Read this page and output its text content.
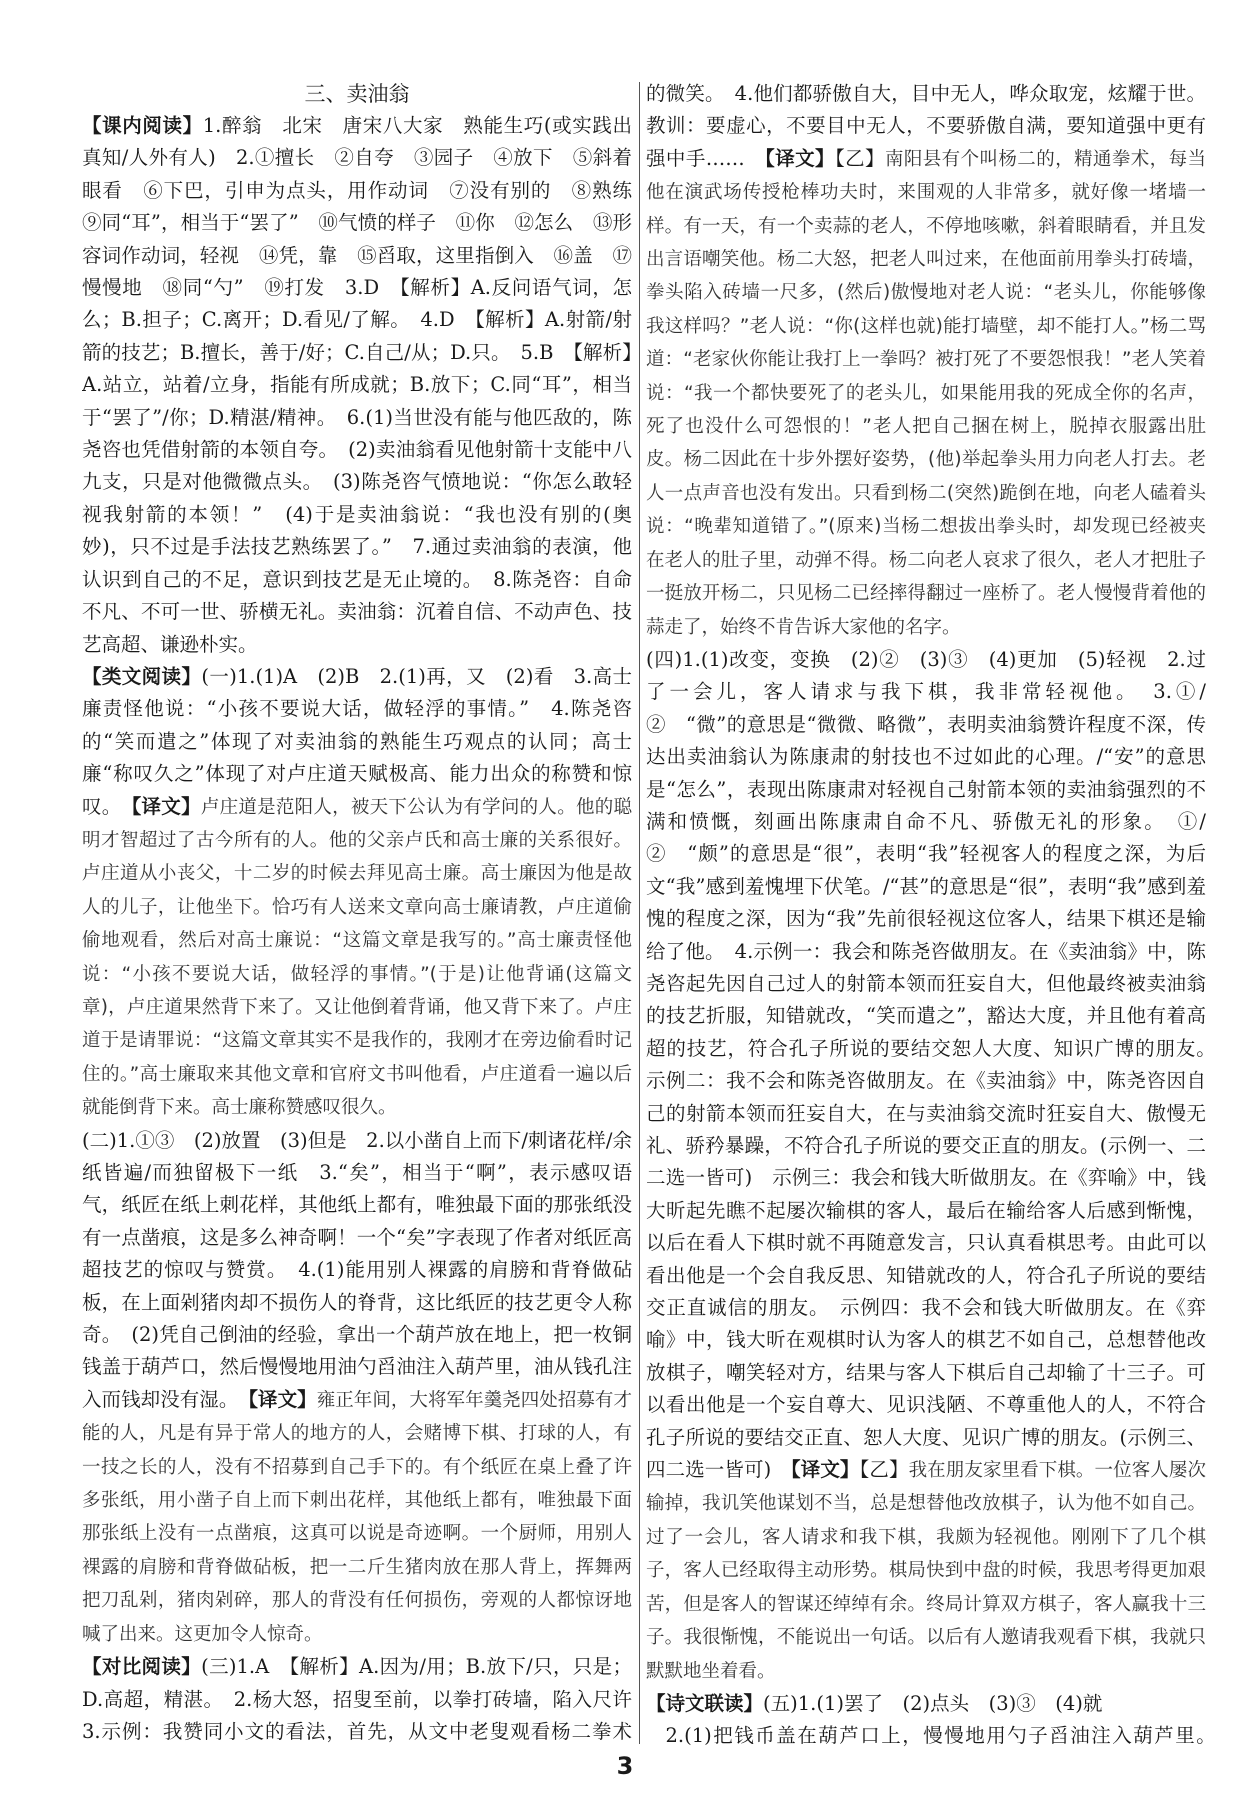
三、卖油翁

【 课内阅读 】 1.醉翁　北宋　唐宋八大家　熟能生巧(或实践出真知/人外有人)　2.①擅长　②自夸　③园子　④放下　⑤斜着眼看　⑥下巴，引申为点头，用作动词　⑦没有别的　⑧熟练　⑨同“耳”，相当于“罢了”　⑩气愤的样子　⑪你　⑫怎么　⑬形容词作动词，轻视　⑭凭，靠　⑮舀取，这里指倒入　⑯盖　⑰慢慢地　⑱同“勺”　⑲打发　3.D　【解析】A.反问语气词，怎么；B.担子；C.离开；D.看见/了解。　4.D　【解析】A.射箭/射箭的技艺；B.擅长，善于/好；C.自己/从；D.只。　5.B　【解析】A.站立，站着/立身，指能有所成就；B.放下；C.同“耳”，相当于“罢了”/你；D.精湛/精神。　6.(1)当世没有能与他匹敌的，陈尧咨也凭借射箭的本领自夸。　(2)卖油翁看见他射箭十支能中八九支，只是对他微微点头。　(3)陈尧咨气愤地说：“你怎么敢轻视我射箭的本领！”　(4)于是卖油翁说：“我也没有别的(奥妙)，只不过是手法技艺熟练罢了。”　7.通过卖油翁的表演，他认识到自己的不足，意识到技艺是无止境的。　8.陈尧咨：自命不凡、不可一世、骄横无礼。卖油翁：沉着自信、不动声色、技艺高超、谦逊朴实。

【 类文阅读 】 (一)1.(1)A　(2)B　2.(1)再，又　(2)看　3.高士廉责怪他说：“小孩不要说大话，做轻浮的事情。”　4.陈尧咨的“笑而遣之”体现了对卖油翁的熟能生巧观点的认同；高士廉“称叹久之”体现了对卢庄道天赋极高、能力出众的称赞和惊叹。　【 译文 】 卢庄道是范阳人，被天下公认为有学问的人。他的聪明才智超过了古今所有的人。他的父亲卢氏和高士廉的关系很好。卢庄道从小丧父，十二岁的时候去拜见高士廉。高士廉因为他是故人的儿子，让他坐下。恰巧有人送来文章向高士廉请教，卢庄道偷偷地观看，然后对高士廉说：“这篇文章是我写的。”高士廉责怪他说：“小孩不要说大话，做轻浮的事情。”(于是)让他背诵(这篇文章)，卢庄道果然背下来了。又让他倒着背诵，他又背下来了。卢庄道于是请罪说：“这篇文章其实不是我作的，我刚才在旁边偷看时记住的。”高士廉取来其他文章和官府文书叫他看，卢庄道看一遍以后就能倒背下来。高士廉称赞感叹很久。

(二)1.①③　(2)放置　(3)但是　2.以小凿自上而下/刺诸花样/余纸皆遍/而独留极下一纸　3.“矣”，相当于“啊”，表示感叹语气，纸匠在纸上刺花样，其他纸上都有，唯独最下面的那张纸没有一点凿痕，这是多么神奇啊！一个“矣”字表现了作者对纸匠高超技艺的惊叹与赞赏。　4.(1)能用别人裸露的肩膀和背脊做砧板，在上面剁猪肉却不损伤人的脊背，这比纸匠的技艺更令人称奇。　(2)凭自己倒油的经验，拿出一个葫芦放在地上，把一枚铜钱盖于葫芦口，然后慢慢地用油勺舀油注入葫芦里，油从钱孔注入而钱却没有湿。　【 译文 】 雍正年间，大将军年羹尧四处招募有才能的人，凡是有异于常人的地方的人，会赌博下棋、打球的人，有一技之长的人，没有不招募到自己手下的。有个纸匠在桌上叠了许多张纸，用小凿子自上而下刺出花样，其他纸上都有，唯独最下面那张纸上没有一点凿痕，这真可以说是奇迹啊。一个厨师，用别人裸露的肩膀和背脊做砧板，把一二斤生猪肉放在那人背上，挥舞两把刀乱剁，猪肉剁碎，那人的背没有任何损伤，旁观的人都惊讶地喊了出来。这更加令人惊奇。

【 对比阅读 】 (三)1.A　【解析】A.因为/用；B.放下/只，只是；D.高超，精湛。　2.杨大怒，招叟至前，以拳打砖墙，陷入尺许　3.示例：我赞同小文的看法，首先，从文中老叟观看杨二拳术

的微笑。　4.他们都骄傲自大，目中无人，哗众取宠，炫耀于世。教训：要虚心，不要目中无人，不要骄傲自满，要知道强中更有强中手……　【 译文 】 【乙】南阳县有个叫杨二的，精通拳术，每当他在演武场传授枪棒功夫时，来围观的人非常多，就好像一堵墙一样。有一天，有一个卖蒜的老人，不停地咳嗽，斜着眼睛看，并且发出言语嘲笑他。杨二大怒，把老人叫过来，在他面前用拳头打砖墙，拳头陷入砖墙一尺多，(然后)傲慢地对老人说：“老头儿，你能够像我这样吗？”老人说：“你(这样也就)能打墙壁，却不能打人。”杨二骂道：“老家伙你能让我打上一拳吗？被打死了不要怨恨我！”老人笑着说：“我一个都快要死了的老头儿，如果能用我的死成全你的名声，死了也没什么可怨恨的！”老人把自己捆在树上，脱掉衣服露出肚皮。杨二因此在十步外摆好姿势，(他)举起拳头用力向老人打去。老人一点声音也没有发出。只看到杨二(突然)跪倒在地，向老人磕着头说：“晚辈知道错了。”(原来)当杨二想拔出拳头时，却发现已经被夹在老人的肚子里，动弹不得。杨二向老人哀求了很久，老人才把肚子一挺放开杨二，只见杨二已经摔得翻过一座桥了。老人慢慢背着他的蒜走了，始终不肯告诉大家他的名字。

(四)1.(1)改变，变换　(2)②　(3)③　(4)更加　(5)轻视　2.过了一会儿，客人请求与我下棋，我非常轻视他。　3.①/②　“微”的意思是“微微、略微”，表明卖油翁赞许程度不深，传达出卖油翁认为陈康肃的射技也不过如此的心理。/“安”的意思是“怎么”，表现出陈康肃对轻视自己射箭本领的卖油翁强烈的不满和愤慨，刻画出陈康肃自命不凡、骄傲无礼的形象。　①/②　“颇”的意思是“很”，表明“我”轻视客人的程度之深，为后文“我”感到羞愧埋下伏笔。/“甚”的意思是“很”，表明“我”感到羞愧的程度之深，因为“我”先前很轻视这位客人，结果下棋还是输给了他。　4.示例一：我会和陈尧咨做朋友。在《卖油翁》中，陈尧咨起先因自己过人的射箭本领而狂妄自大，但他最终被卖油翁的技艺折服，知错就改，“笑而遣之”，豁达大度，并且他有着高超的技艺，符合孔子所说的要结交恕人大度、知识广博的朋友。　示例二：我不会和陈尧咨做朋友。在《卖油翁》中，陈尧咨因自己的射箭本领而狂妄自大，在与卖油翁交流时狂妄自大、傲慢无礼、骄矜暴躁，不符合孔子所说的要交正直的朋友。(示例一、二二选一皆可)　示例三：我会和钱大昕做朋友。在《弈喻》中，钱大昕起先瞧不起屡次输棋的客人，最后在输给客人后感到惭愧，以后在看人下棋时就不再随意发言，只认真看棋思考。由此可以看出他是一个会自我反思、知错就改的人，符合孔子所说的要结交正直诚信的朋友。　示例四：我不会和钱大昕做朋友。在《弈喻》中，钱大昕在观棋时认为客人的棋艺不如自己，总想替他改放棋子，嘲笑轻对方，结果与客人下棋后自己却输了十三子。可以看出他是一个妄自尊大、见识浅陋、不尊重他人的人，不符合孔子所说的要结交正直、恕人大度、见识广博的朋友。(示例三、四二选一皆可)　【 译文 】 【乙】我在朋友家里看下棋。一位客人屡次输掉，我讥笑他谋划不当，总是想替他改放棋子，认为他不如自己。过了一会儿，客人请求和我下棋，我颇为轻视他。刚刚下了几个棋子，客人已经取得主动形势。棋局快到中盘的时候，我思考得更加艰苦，但是客人的智谋还绰绰有余。终局计算双方棋子，客人赢我十三子。我很惭愧，不能说出一句话。以后有人邀请我观看下棋，我就只默默地坐着看。

【 诗文联读 】 (五)1.(1)罢了　(2)点头　(3)③　(4)就

2.(1)把钱币盖在葫芦口上，慢慢地用勺子舀油注入葫芦里。　

3
